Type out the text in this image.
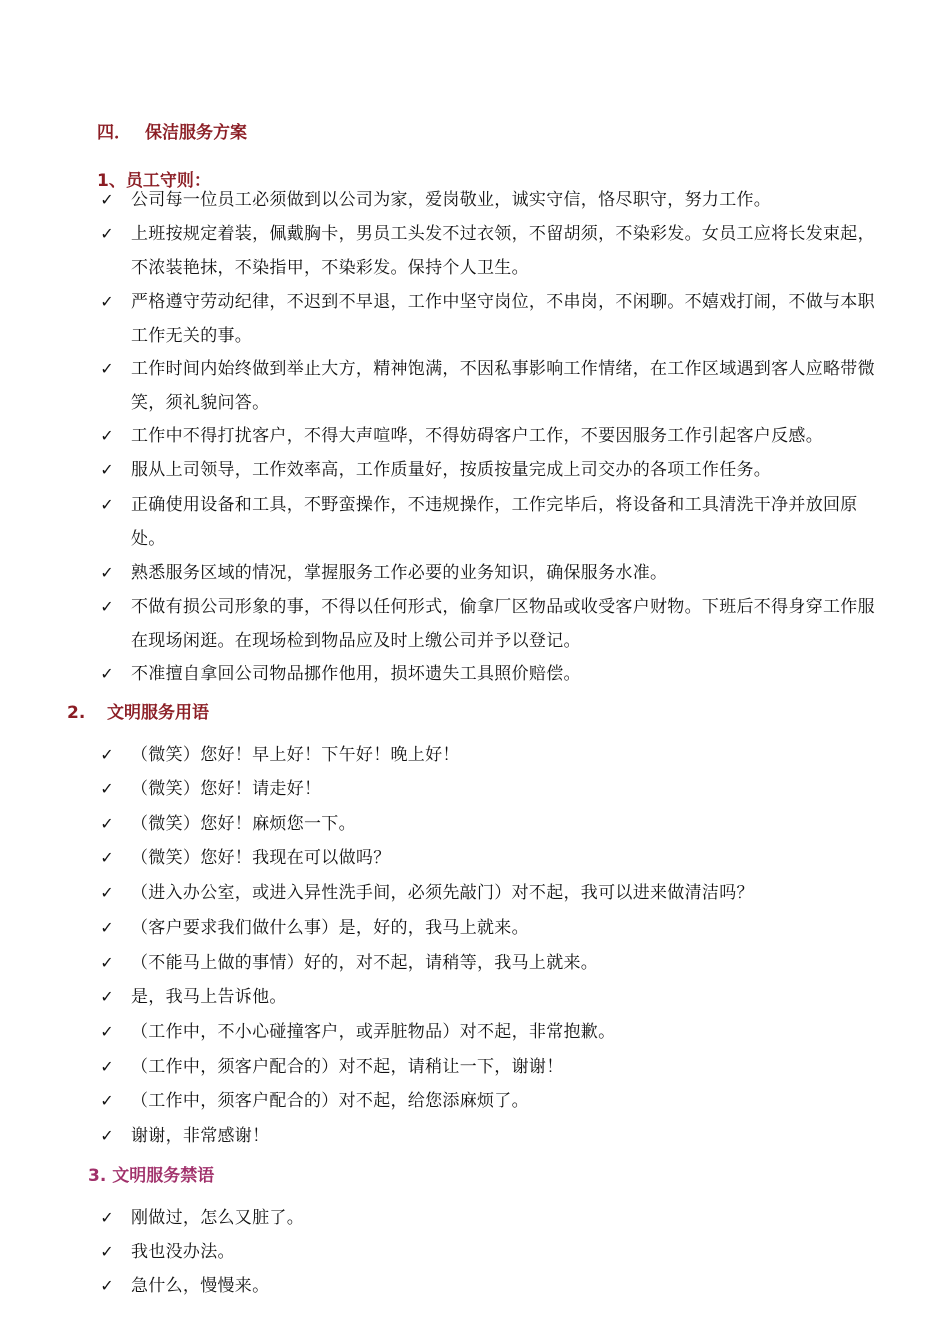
四． 保洁服务方案
1、员工守则：
✓ 公司每一位员工必须做到以公司为家，爱岗敬业，诚实守信，恪尽职守，努力工作。
✓ 上班按规定着装，佩戴胸卡，男员工头发不过衣领，不留胡须，不染彩发。女员工应将长发束起，不浓装艳抹，不染指甲，不染彩发。保持个人卫生。
✓ 严格遵守劳动纪律，不迟到不早退，工作中坚守岗位，不串岗，不闲聊。不嬉戏打闹，不做与本职工作无关的事。
✓ 工作时间内始终做到举止大方，精神饱满，不因私事影响工作情绪，在工作区域遇到客人应略带微笑，须礼貌问答。
✓ 工作中不得打扰客户，不得大声喧哗，不得妨碍客户工作，不要因服务工作引起客户反感。
✓ 服从上司领导，工作效率高，工作质量好，按质按量完成上司交办的各项工作任务。
✓ 正确使用设备和工具，不野蛮操作，不违规操作，工作完毕后，将设备和工具清洗干净并放回原处。
✓ 熟悉服务区域的情况，掌握服务工作必要的业务知识，确保服务水准。
✓ 不做有损公司形象的事，不得以任何形式，偷拿厂区物品或收受客户财物。下班后不得身穿工作服在现场闲逛。在现场检到物品应及时上缴公司并予以登记。
✓ 不准擅自拿回公司物品挪作他用，损坏遗失工具照价赔偿。
2. 文明服务用语
✓ （微笑）您好！早上好！下午好！晚上好！
✓ （微笑）您好！请走好！
✓ （微笑）您好！麻烦您一下。
✓ （微笑）您好！我现在可以做吗？
✓ （进入办公室，或进入异性洗手间，必须先敲门）对不起，我可以进来做清洁吗？
✓ （客户要求我们做什么事）是，好的，我马上就来。
✓ （不能马上做的事情）好的，对不起，请稍等，我马上就来。
✓ 是，我马上告诉他。
✓ （工作中，不小心碰撞客户，或弄脏物品）对不起，非常抱歉。
✓ （工作中，须客户配合的）对不起，请稍让一下，谢谢！
✓ （工作中，须客户配合的）对不起，给您添麻烦了。
✓ 谢谢，非常感谢！
3. 文明服务禁语
✓ 刚做过，怎么又脏了。
✓ 我也没办法。
✓ 急什么，慢慢来。
